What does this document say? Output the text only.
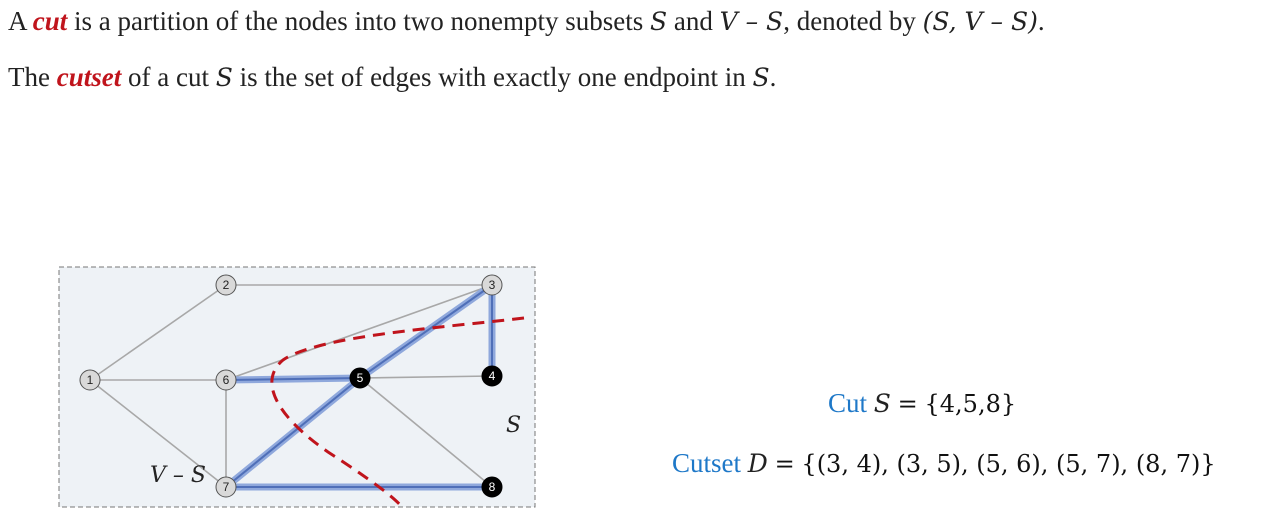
A cut is a partition of the nodes into two nonempty subsets S and V – S, denoted by (S, V – S).
The cutset of a cut S is the set of edges with exactly one endpoint in S.
1
2	3
4
5
6
7	8
V – S
S
Cut S = {4,5,8}
Cutset D = {(3, 4), (3, 5), (5, 6), (5, 7), (8, 7)}
